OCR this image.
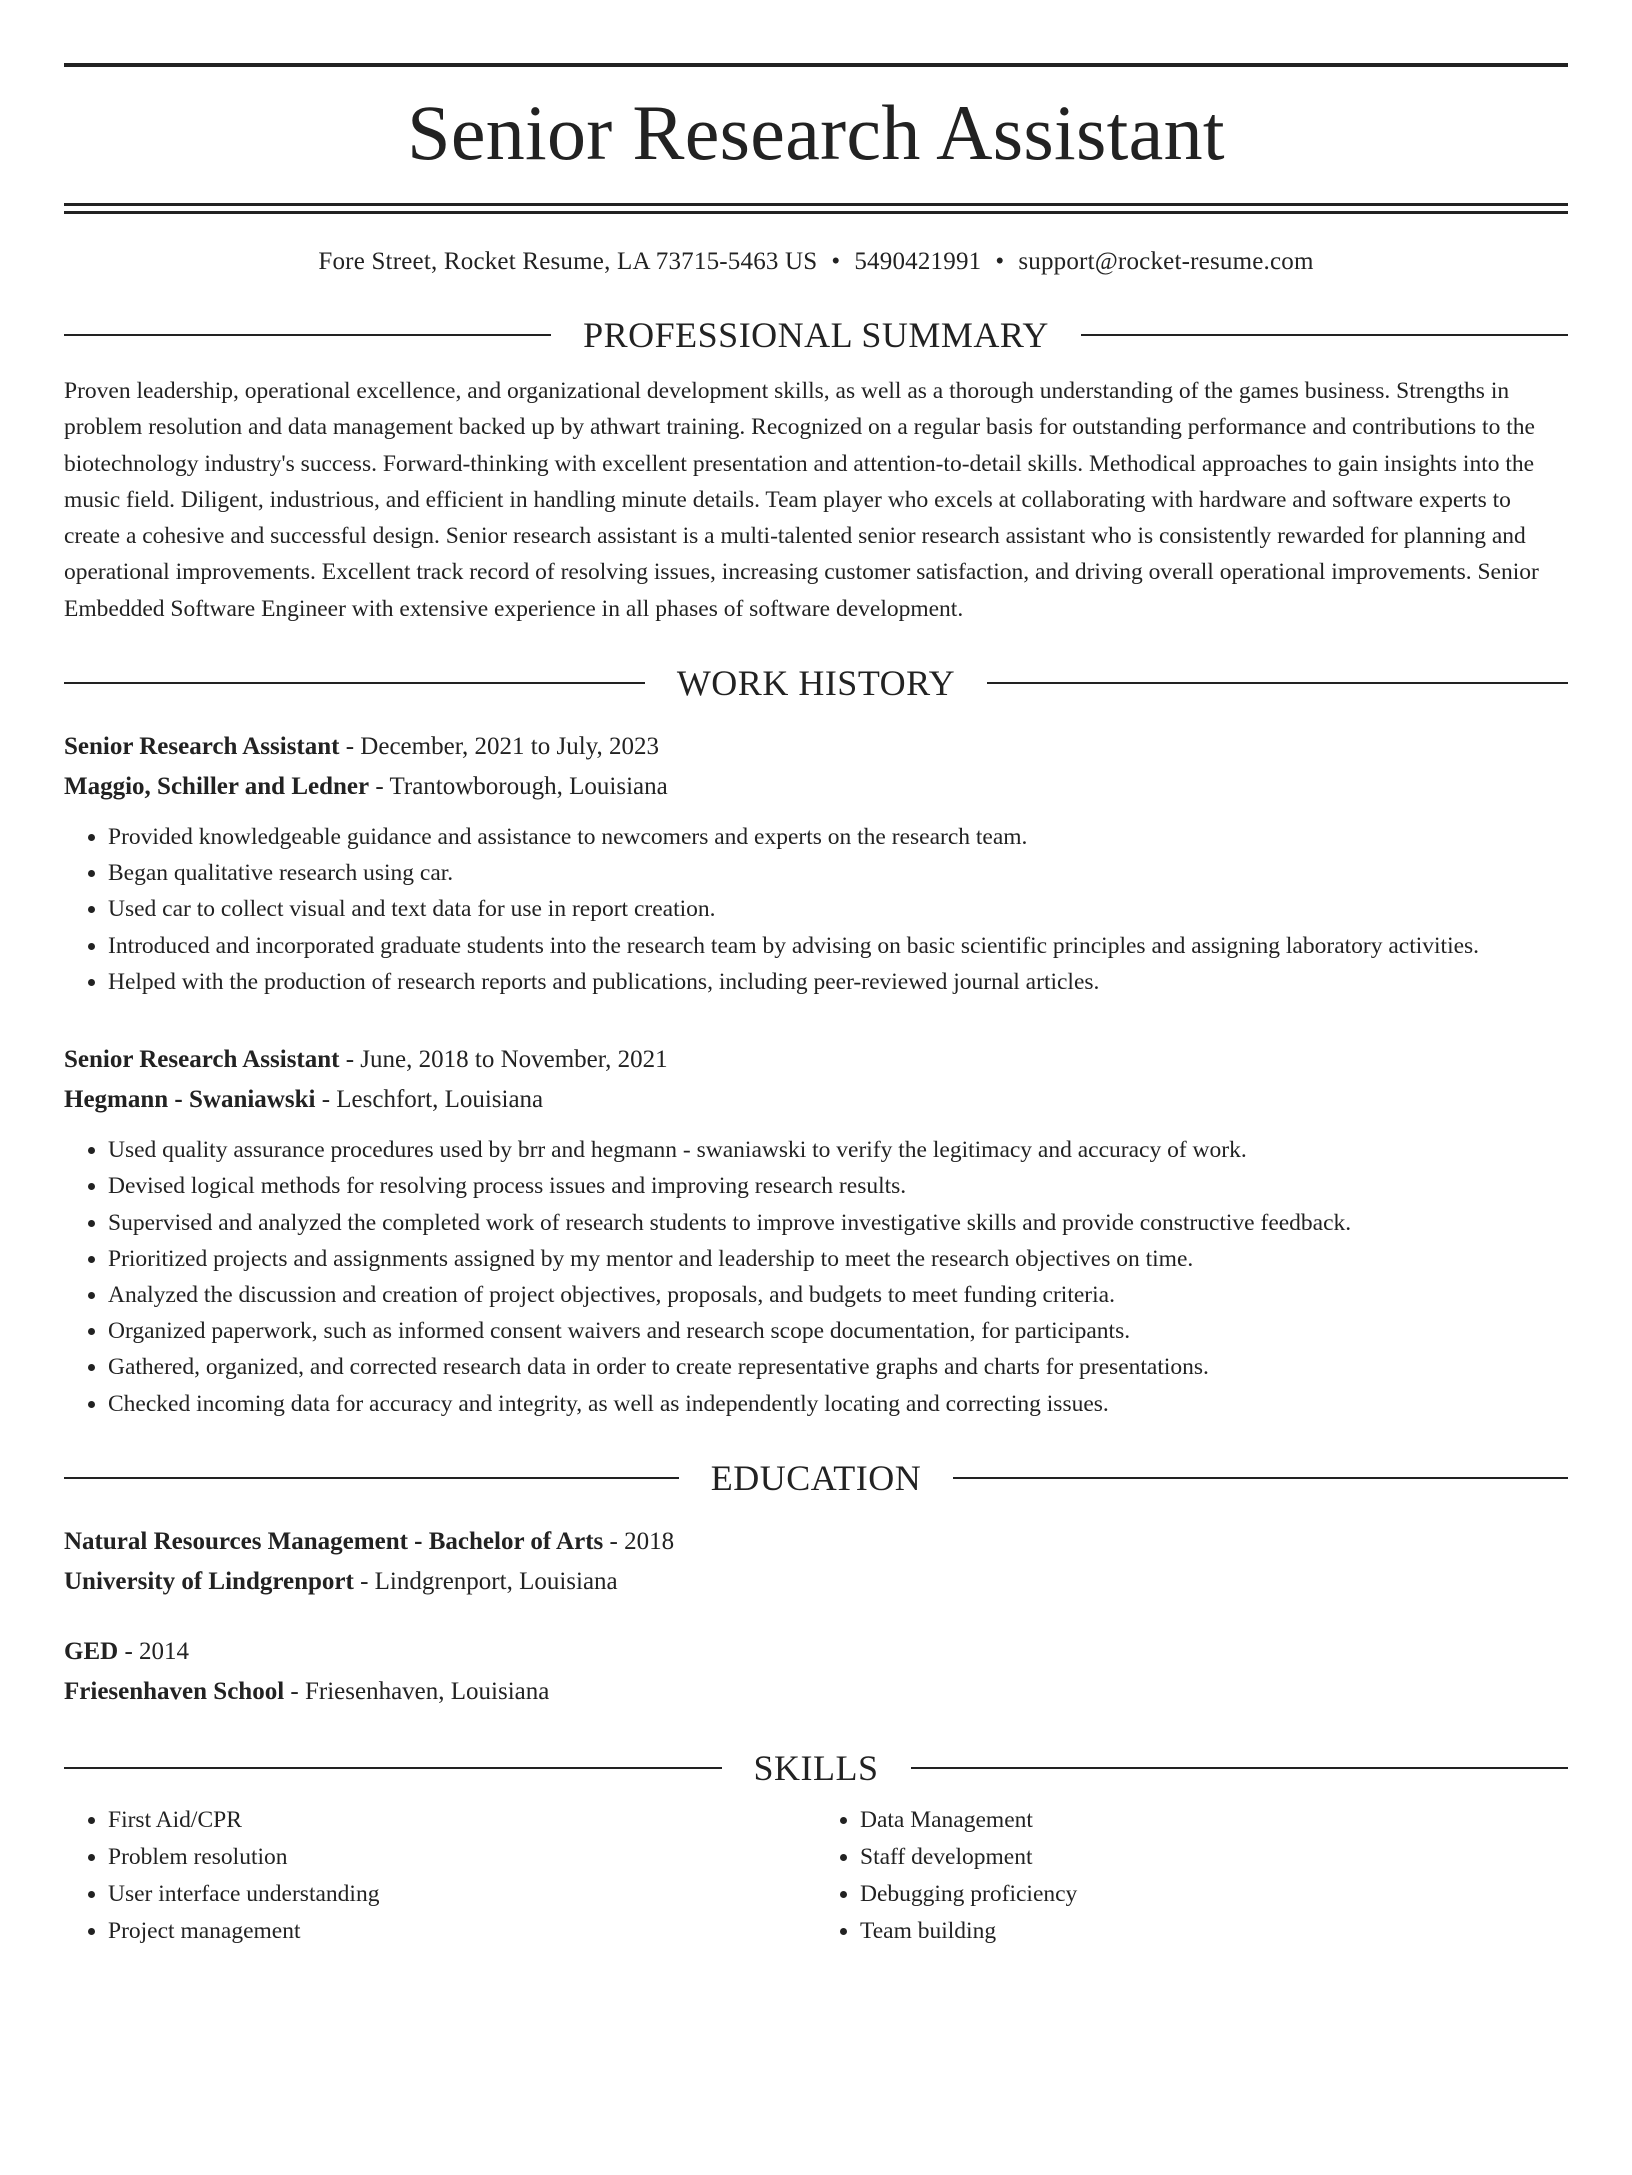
Senior Research Assistant
Fore Street, Rocket Resume, LA 73715-5463 US • 5490421991 • support@rocket-resume.com
PROFESSIONAL SUMMARY
Proven leadership, operational excellence, and organizational development skills, as well as a thorough understanding of the games business. Strengths in problem resolution and data management backed up by athwart training. Recognized on a regular basis for outstanding performance and contributions to the biotechnology industry's success. Forward-thinking with excellent presentation and attention-to-detail skills. Methodical approaches to gain insights into the music field. Diligent, industrious, and efficient in handling minute details. Team player who excels at collaborating with hardware and software experts to create a cohesive and successful design. Senior research assistant is a multi-talented senior research assistant who is consistently rewarded for planning and operational improvements. Excellent track record of resolving issues, increasing customer satisfaction, and driving overall operational improvements. Senior Embedded Software Engineer with extensive experience in all phases of software development.
WORK HISTORY
Senior Research Assistant - December, 2021 to July, 2023
Maggio, Schiller and Ledner - Trantowborough, Louisiana
• Provided knowledgeable guidance and assistance to newcomers and experts on the research team.
• Began qualitative research using car.
• Used car to collect visual and text data for use in report creation.
• Introduced and incorporated graduate students into the research team by advising on basic scientific principles and assigning laboratory activities.
• Helped with the production of research reports and publications, including peer-reviewed journal articles.
Senior Research Assistant - June, 2018 to November, 2021
Hegmann - Swaniawski - Leschfort, Louisiana
• Used quality assurance procedures used by brr and hegmann - swaniawski to verify the legitimacy and accuracy of work.
• Devised logical methods for resolving process issues and improving research results.
• Supervised and analyzed the completed work of research students to improve investigative skills and provide constructive feedback.
• Prioritized projects and assignments assigned by my mentor and leadership to meet the research objectives on time.
• Analyzed the discussion and creation of project objectives, proposals, and budgets to meet funding criteria.
• Organized paperwork, such as informed consent waivers and research scope documentation, for participants.
• Gathered, organized, and corrected research data in order to create representative graphs and charts for presentations.
• Checked incoming data for accuracy and integrity, as well as independently locating and correcting issues.
EDUCATION
Natural Resources Management - Bachelor of Arts - 2018
University of Lindgrenport - Lindgrenport, Louisiana
GED - 2014
Friesenhaven School - Friesenhaven, Louisiana
SKILLS
• First Aid/CPR
• Problem resolution
• User interface understanding
• Project management
• Data Management
• Staff development
• Debugging proficiency
• Team building
